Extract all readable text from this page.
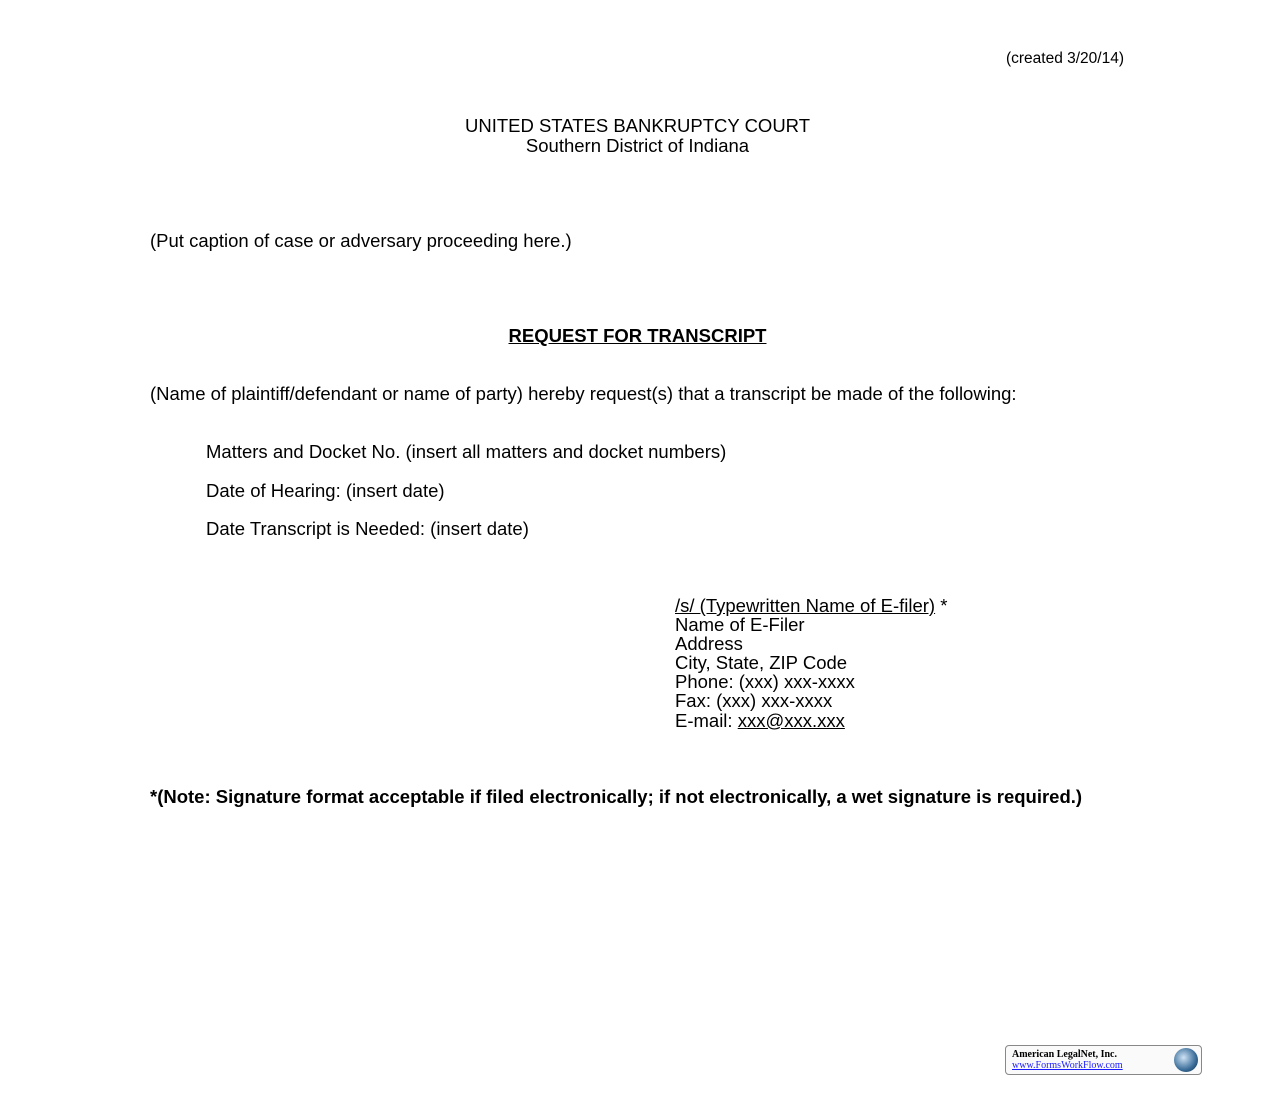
(created 3/20/14)
UNITED STATES BANKRUPTCY COURT
Southern District of Indiana
(Put caption of case or adversary proceeding here.)
REQUEST FOR TRANSCRIPT
(Name of plaintiff/defendant or name of party) hereby request(s) that a transcript be made of the following:
Matters and Docket No. (insert all matters and docket numbers)
Date of Hearing: (insert date)
Date Transcript is Needed: (insert date)
/s/ (Typewritten Name of E-filer) *
Name of E-Filer
Address
City, State, ZIP Code
Phone: (xxx) xxx-xxxx
Fax: (xxx) xxx-xxxx
E-mail: xxx@xxx.xxx
*(Note: Signature format acceptable if filed electronically; if not electronically, a wet signature is required.)
American LegalNet, Inc.
www.FormsWorkFlow.com
